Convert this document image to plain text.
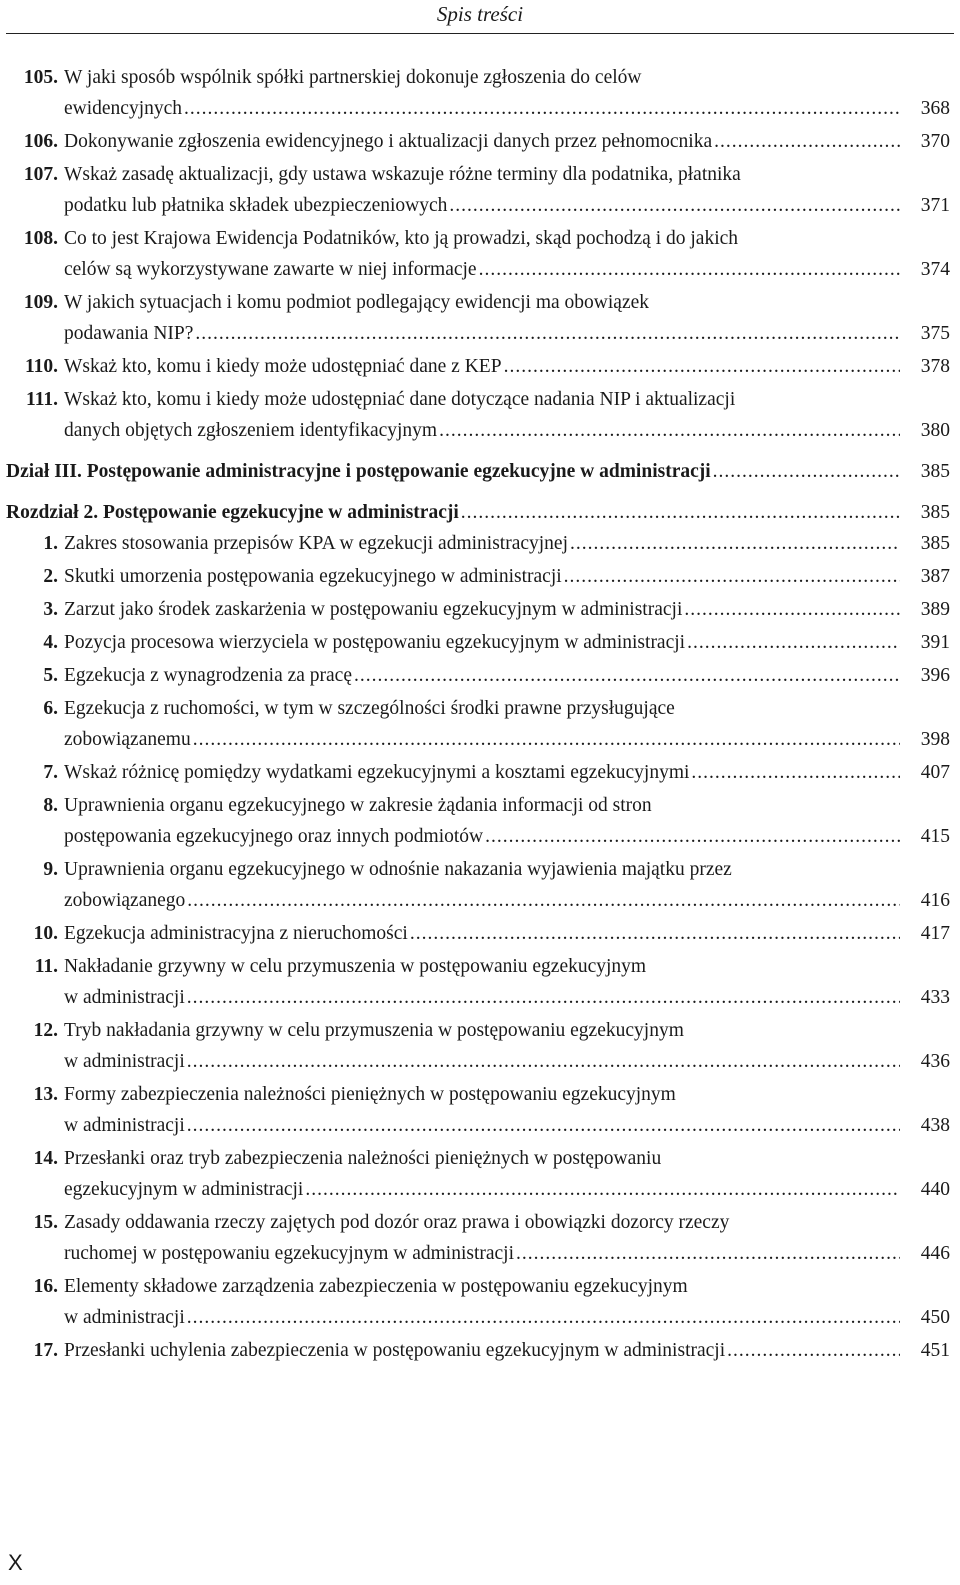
Spis treści
105. W jaki sposób wspólnik spółki partnerskiej dokonuje zgłoszenia do celów
ewidencyjnych .....	368
106. Dokonywanie zgłoszenia ewidencyjnego i aktualizacji danych przez pełnomocnika .....	370
107. Wskaż zasadę aktualizacji, gdy ustawa wskazuje różne terminy dla podatnika, płatnika
podatku lub płatnika składek ubezpieczeniowych .....	371
108. Co to jest Krajowa Ewidencja Podatników, kto ją prowadzi, skąd pochodzą i do jakich
celów są wykorzystywane zawarte w niej informacje .....	374
109. W jakich sytuacjach i komu podmiot podlegający ewidencji ma obowiązek
podawania NIP? .....	375
110. Wskaż kto, komu i kiedy może udostępniać dane z KEP .....	378
111. Wskaż kto, komu i kiedy może udostępniać dane dotyczące nadania NIP i aktualizacji
danych objętych zgłoszeniem identyfikacyjnym .....	380
Dział III. Postępowanie administracyjne i postępowanie egzekucyjne w administracji .....	385
Rozdział 2. Postępowanie egzekucyjne w administracji .....	385
1. Zakres stosowania przepisów KPA w egzekucji administracyjnej .....	385
2. Skutki umorzenia postępowania egzekucyjnego w administracji .....	387
3. Zarzut jako środek zaskarżenia w postępowaniu egzekucyjnym w administracji .....	389
4. Pozycja procesowa wierzyciela w postępowaniu egzekucyjnym w administracji .....	391
5. Egzekucja z wynagrodzenia za pracę .....	396
6. Egzekucja z ruchomości, w tym w szczególności środki prawne przysługujące
zobowiązanemu .....	398
7. Wskaż różnicę pomiędzy wydatkami egzekucyjnymi a kosztami egzekucyjnymi .....	407
8. Uprawnienia organu egzekucyjnego w zakresie żądania informacji od stron
postępowania egzekucyjnego oraz innych podmiotów .....	415
9. Uprawnienia organu egzekucyjnego w odnośnie nakazania wyjawienia majątku przez
zobowiązanego .....	416
10. Egzekucja administracyjna z nieruchomości .....	417
11. Nakładanie grzywny w celu przymuszenia w postępowaniu egzekucyjnym
w administracji .....	433
12. Tryb nakładania grzywny w celu przymuszenia w postępowaniu egzekucyjnym
w administracji .....	436
13. Formy zabezpieczenia należności pieniężnych w postępowaniu egzekucyjnym
w administracji .....	438
14. Przesłanki oraz tryb zabezpieczenia należności pieniężnych w postępowaniu
egzekucyjnym w administracji .....	440
15. Zasady oddawania rzeczy zajętych pod dozór oraz prawa i obowiązki dozorcy rzeczy
ruchomej w postępowaniu egzekucyjnym w administracji .....	446
16. Elementy składowe zarządzenia zabezpieczenia w postępowaniu egzekucyjnym
w administracji .....	450
17. Przesłanki uchylenia zabezpieczenia w postępowaniu egzekucyjnym w administracji .....	451
X
